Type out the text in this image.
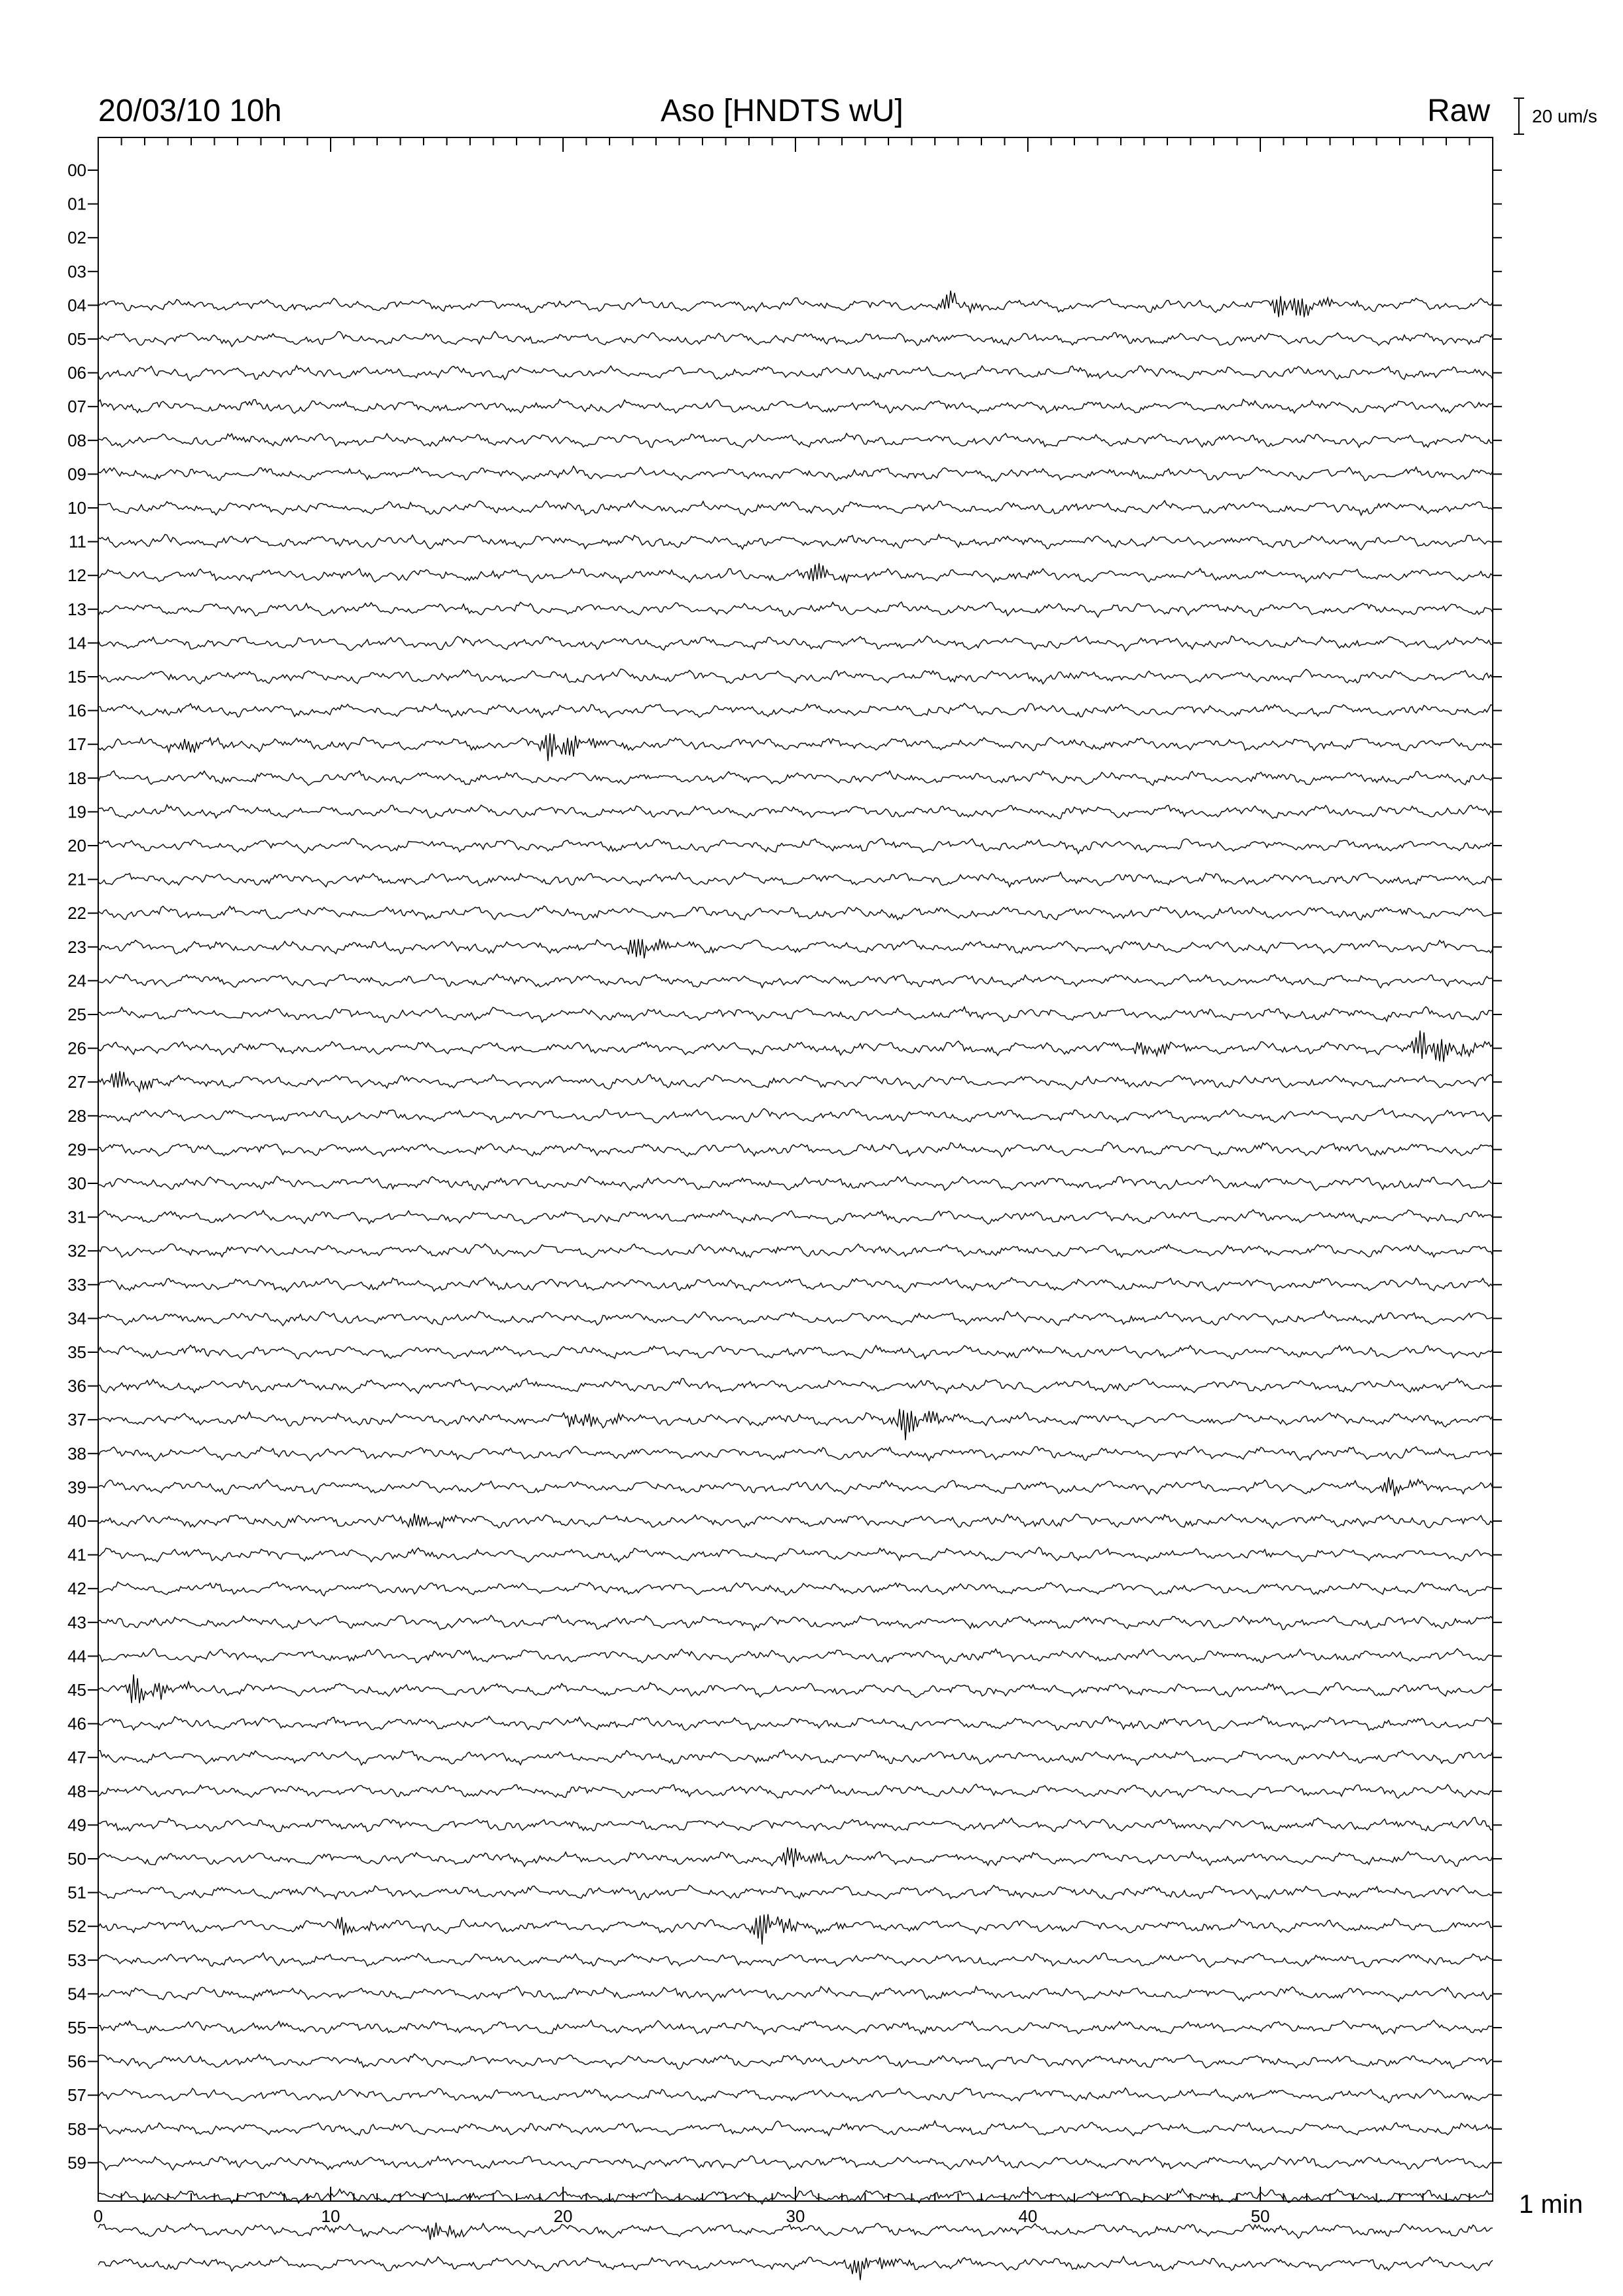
0	10	20	30	40	50
00
01
02
03
04
05
06
07
08
09
10
11
12
13
14
15
16
17
18
19
20
21
22
23
24
25
26
27
28
29
30
31
32
33
34
35
36
37
38
39
40
41
42
43
44
45
46
47
48
49
50
51
52
53
54
55
56
57
58
59
20/03/10 10h	Aso [HNDTS wU]	Raw 20 um/s
1 min
